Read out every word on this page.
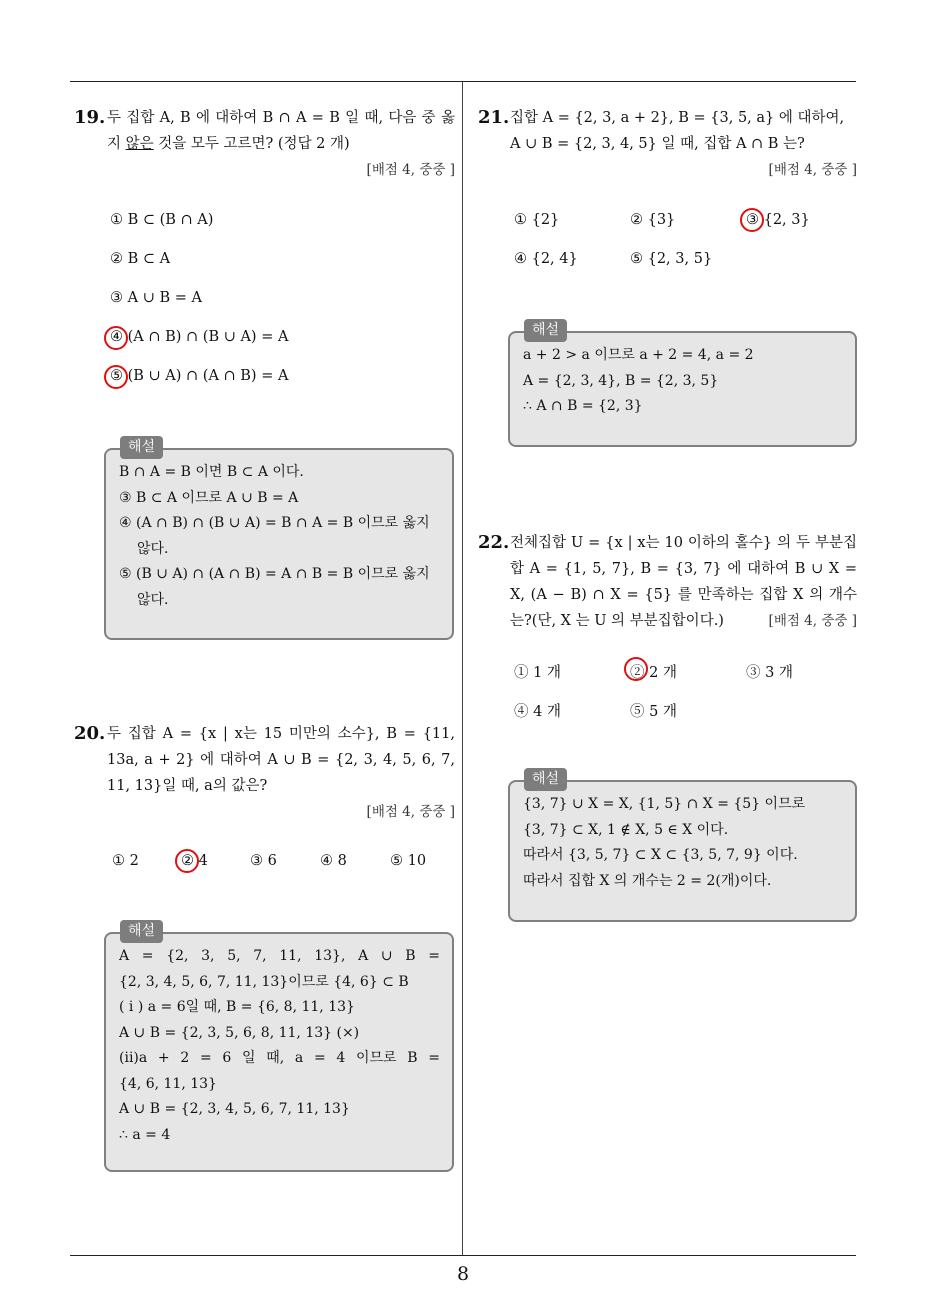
19. 두 집합 A, B 에 대하여 B ∩ A = B 일 때, 다음 중 옳지 않은 것을 모두 고르면? (정답 2 개)
[배점 4, 중중 ]
① B ⊂ (B ∩ A)
② B ⊂ A
③ A ∪ B = A
④ (A ∩ B) ∩ (B ∪ A) = A
⑤ (B ∪ A) ∩ (A ∩ B) = A
해설
B ∩ A = B 이면 B ⊂ A 이다.
③ B ⊂ A 이므로 A ∪ B = A
④ (A ∩ B) ∩ (B ∪ A) = B ∩ A = B 이므로 옳지
않다.
⑤ (B ∪ A) ∩ (A ∩ B) = A ∩ B = B 이므로 옳지
않다.
20. 두 집합 A = {x | x는 15 미만의 소수}, B = {11, 13a, a + 2} 에 대하여 A ∪ B = {2, 3, 4, 5, 6, 7, 11, 13}일 때, a의 값은?
[배점 4, 중중 ]
① 2	② 4	③ 6	④ 8	⑤ 10
해설
A = {2, 3, 5, 7, 11, 13}, A ∪ B =
{2, 3, 4, 5, 6, 7, 11, 13}이므로 {4, 6} ⊂ B
( i ) a = 6일 때, B = {6, 8, 11, 13}
A ∪ B = {2, 3, 5, 6, 8, 11, 13} (×)
(ii)a + 2 = 6 일 때, a = 4 이므로 B =
{4, 6, 11, 13}
A ∪ B = {2, 3, 4, 5, 6, 7, 11, 13}
∴ a = 4
21. 집합 A = {2, 3, a + 2}, B = {3, 5, a} 에 대하여,
A ∪ B = {2, 3, 4, 5} 일 때, 집합 A ∩ B 는?
[배점 4, 중중 ]
① {2}	② {3}	③ {2, 3}
④ {2, 4}	⑤ {2, 3, 5}
해설
a + 2 > a 이므로 a + 2 = 4, a = 2
A = {2, 3, 4}, B = {2, 3, 5}
∴ A ∩ B = {2, 3}
22. 전체집합 U = {x | x는 10 이하의 홀수} 의 두 부분집합 A = {1, 5, 7}, B = {3, 7} 에 대하여 B ∪ X = X, (A − B) ∩ X = {5} 를 만족하는 집합 X 의 개수는?(단, X 는 U 의 부분집합이다.)	[배점 4, 중중 ]
① 1 개	② 2 개	③ 3 개
④ 4 개	⑤ 5 개
해설
{3, 7} ∪ X = X, {1, 5} ∩ X = {5} 이므로
{3, 7} ⊂ X, 1 ∉ X, 5 ∈ X 이다.
따라서 {3, 5, 7} ⊂ X ⊂ {3, 5, 7, 9} 이다.
따라서 집합 X 의 개수는 2 = 2(개)이다.
8
